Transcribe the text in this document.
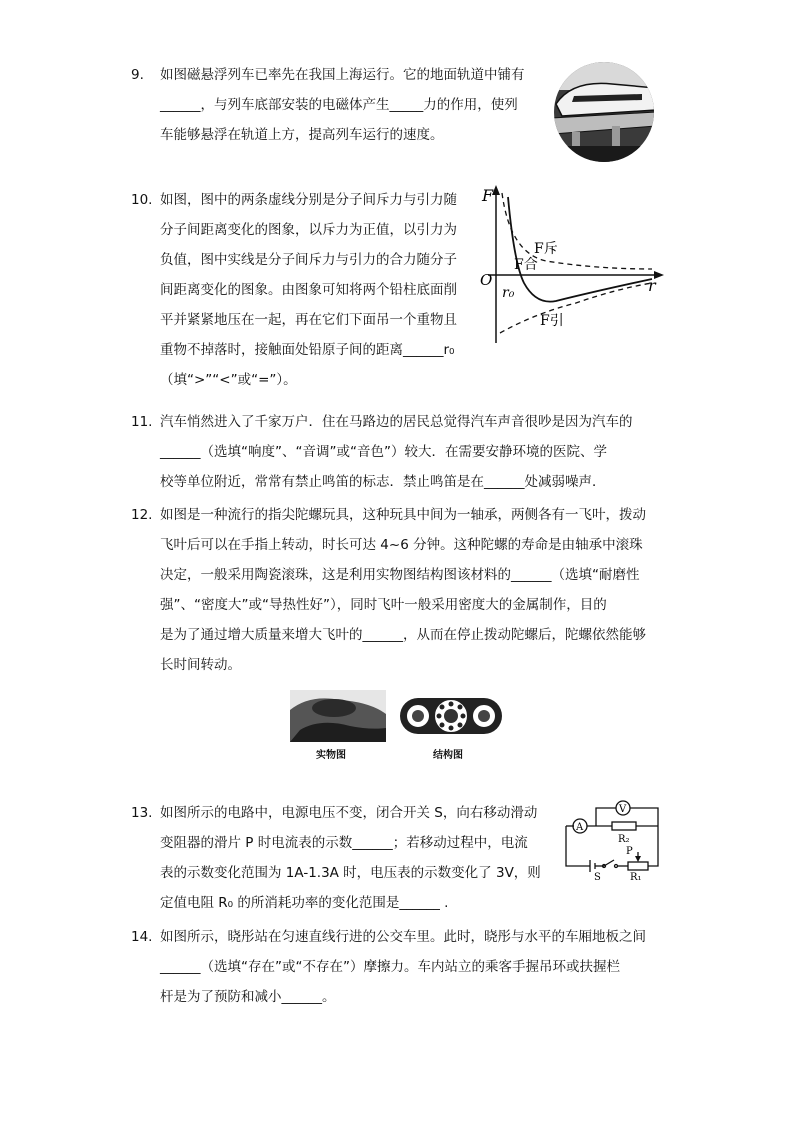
9.	如图磁悬浮列车已率先在我国上海运行。它的地面轨道中铺有
______，与列车底部安装的电磁体产生_____力的作用，使列
车能够悬浮在轨道上方，提高列车运行的速度。
10. 如图，图中的两条虚线分别是分子间斥力与引力随
分子间距离变化的图象，以斥力为正值，以引力为
负值，图中实线是分子间斥力与引力的合力随分子
间距离变化的图象。由图象可知将两个铅柱底面削
平并紧紧地压在一起，再在它们下面吊一个重物且
重物不掉落时，接触面处铅原子间的距离______r₀
（填“>”“<”或“=”）。
F
O	r
r₀
F斥
F合
F引
11. 汽车悄然进入了千家万户．住在马路边的居民总觉得汽车声音很吵是因为汽车的
______（选填“响度”、“音调”或“音色”）较大．在需要安静环境的医院、学
校等单位附近，常常有禁止鸣笛的标志．禁止鸣笛是在______处减弱噪声．
12. 如图是一种流行的指尖陀螺玩具，这种玩具中间为一轴承，两侧各有一飞叶，拨动
飞叶后可以在手指上转动，时长可达 4~6 分钟。这种陀螺的寿命是由轴承中滚珠
决定，一般采用陶瓷滚珠，这是利用实物图结构图该材料的______（选填“耐磨性
强”、“密度大”或“导热性好”），同时飞叶一般采用密度大的金属制作，目的
是为了通过增大质量来增大飞叶的______，从而在停止拨动陀螺后，陀螺依然能够
长时间转动。
实物图	结构图
13. 如图所示的电路中，电源电压不变，闭合开关 S，向右移动滑动
变阻器的滑片 P 时电流表的示数______；若移动过程中，电流
表的示数变化范围为 1A-1.3A 时，电压表的示数变化了 3V，则
定值电阻 R₀ 的所消耗功率的变化范围是______ .
A
V
R₂
P
R₁
S
14. 如图所示，晓彤站在匀速直线行进的公交车里。此时，晓彤与水平的车厢地板之间
______（选填“存在”或“不存在”）摩擦力。车内站立的乘客手握吊环或扶握栏
杆是为了预防和减小______。
